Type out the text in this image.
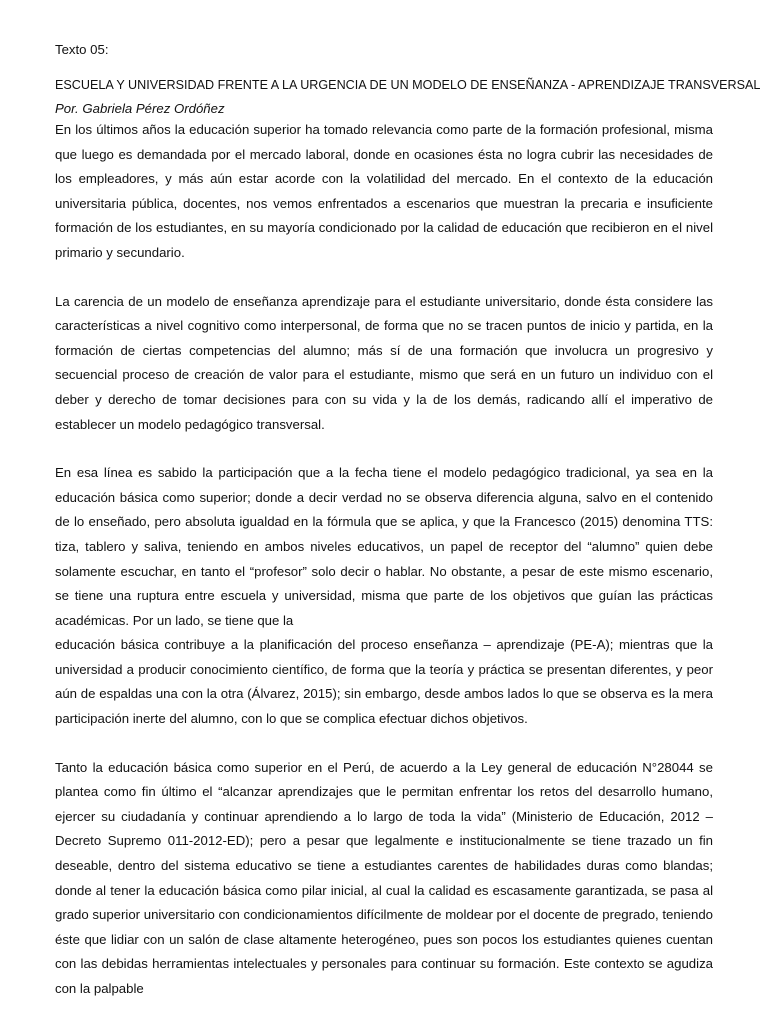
Texto 05:

ESCUELA Y UNIVERSIDAD FRENTE A LA URGENCIA DE UN MODELO DE ENSEÑANZA - APRENDIZAJE TRANSVERSAL

Por. Gabriela Pérez Ordóñez

En los últimos años la educación superior ha tomado relevancia como parte de la formación profesional, misma que luego es demandada por el mercado laboral, donde en ocasiones ésta no logra cubrir las necesidades de los empleadores, y más aún estar acorde con la volatilidad del mercado. En el contexto de la educación universitaria pública, docentes, nos vemos enfrentados a escenarios que muestran la precaria e insuficiente formación de los estudiantes, en su mayoría condicionado por la calidad de educación que recibieron en el nivel primario y secundario.

La carencia de un modelo de enseñanza aprendizaje para el estudiante universitario, donde ésta considere las características a nivel cognitivo como interpersonal, de forma que no se tracen puntos de inicio y partida, en la formación de ciertas competencias del alumno; más sí de una formación que involucra un progresivo y secuencial proceso de creación de valor para el estudiante, mismo que será en un futuro un individuo con el deber y derecho de tomar decisiones para con su vida y la de los demás, radicando allí el imperativo de establecer un modelo pedagógico transversal.

En esa línea es sabido la participación que a la fecha tiene el modelo pedagógico tradicional, ya sea en la educación básica como superior; donde a decir verdad no se observa diferencia alguna, salvo en el contenido de lo enseñado, pero absoluta igualdad en la fórmula que se aplica, y que la Francesco (2015) denomina TTS: tiza, tablero y saliva, teniendo en ambos niveles educativos, un papel de receptor del “alumno” quien debe solamente escuchar, en tanto el “profesor” solo decir o hablar. No obstante, a pesar de este mismo escenario, se tiene una ruptura entre escuela y universidad, misma que parte de los objetivos que guían las prácticas académicas. Por un lado, se tiene que la

educación básica contribuye a la planificación del proceso enseñanza – aprendizaje (PE-A); mientras que la universidad a producir conocimiento científico, de forma que la teoría y práctica se presentan diferentes, y peor aún de espaldas una con la otra (Álvarez, 2015); sin embargo, desde ambos lados lo que se observa es la mera participación inerte del alumno, con lo que se complica efectuar dichos objetivos.

Tanto la educación básica como superior en el Perú, de acuerdo a la Ley general de educación N°28044 se plantea como fin último el “alcanzar aprendizajes que le permitan enfrentar los retos del desarrollo humano, ejercer su ciudadanía y continuar aprendiendo a lo largo de toda la vida” (Ministerio de Educación, 2012 – Decreto Supremo 011-2012-ED); pero a pesar que legalmente e institucionalmente se tiene trazado un fin deseable, dentro del sistema educativo se tiene a estudiantes carentes de habilidades duras como blandas; donde al tener la educación básica como pilar inicial, al cual la calidad es escasamente garantizada, se pasa al grado superior universitario con condicionamientos difícilmente de moldear por el docente de pregrado, teniendo éste que lidiar con un salón de clase altamente heterogéneo, pues son pocos los estudiantes quienes cuentan con las debidas herramientas intelectuales y personales para continuar su formación. Este contexto se agudiza con la palpable
